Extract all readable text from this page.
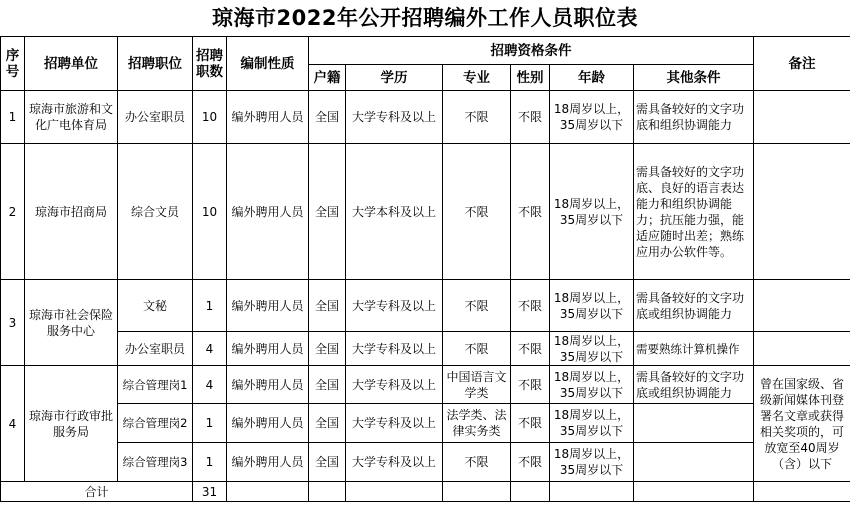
琼海市2022年公开招聘编外工作人员职位表
序号	招聘单位	招聘职位	招聘职数	编制性质	招聘资格条件						备注
					户籍	学历	专业	性别	年龄	其他条件	
1	琼海市旅游和文化广电体育局	办公室职员	10	编外聘用人员	全国	大学专科及以上	不限	不限	18周岁以上，35周岁以下	需具备较好的文字功底和组织协调能力	
2	琼海市招商局	综合文员	10	编外聘用人员	全国	大学本科及以上	不限	不限	18周岁以上，35周岁以下	需具备较好的文字功底、良好的语言表达能力和组织协调能力；抗压能力强，能适应随时出差；熟练应用办公软件等。	
3	琼海市社会保险服务中心	文秘	1	编外聘用人员	全国	大学专科及以上	不限	不限	18周岁以上，35周岁以下	需具备较好的文字功底或组织协调能力	
		办公室职员	4	编外聘用人员	全国	大学专科及以上	不限	不限	18周岁以上，35周岁以下	需要熟练计算机操作	
4	琼海市行政审批服务局	综合管理岗1	4	编外聘用人员	全国	大学专科及以上	中国语言文学类	不限	18周岁以上，35周岁以下	需具备较好的文字功底或组织协调能力	曾在国家级、省级新闻媒体刊登署名文章或获得相关奖项的，可放宽至40周岁（含）以下
		综合管理岗2	1	编外聘用人员	全国	大学专科及以上	法学类、法律实务类	不限	18周岁以上，35周岁以下		
		综合管理岗3	1	编外聘用人员	全国	大学专科及以上	不限	不限	18周岁以上，35周岁以下		
合计			31								
